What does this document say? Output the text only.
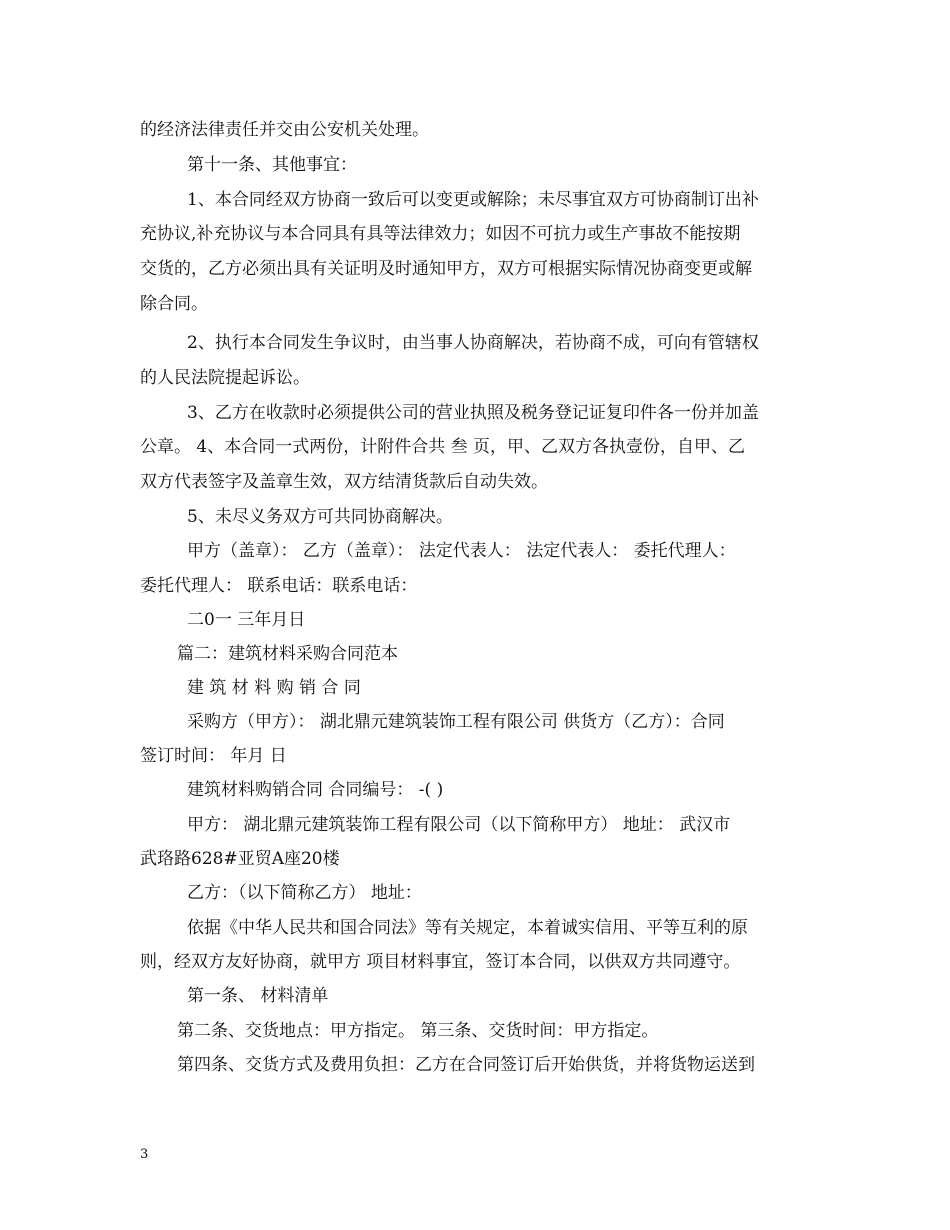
的经济法律责任并交由公安机关处理。
第十一条、其他事宜：
1、本合同经双方协商一致后可以变更或解除；未尽事宜双方可协商制订出补
充协议,补充协议与本合同具有具等法律效力；如因不可抗力或生产事故不能按期
交货的，乙方必须出具有关证明及时通知甲方，双方可根据实际情况协商变更或解
除合同。
2、执行本合同发生争议时，由当事人协商解决，若协商不成，可向有管辖权
的人民法院提起诉讼。
3、乙方在收款时必须提供公司的营业执照及税务登记证复印件各一份并加盖
公章。 4、本合同一式两份，计附件合共 叁 页，甲、乙双方各执壹份，自甲、乙
双方代表签字及盖章生效，双方结清货款后自动失效。
5、未尽义务双方可共同协商解决。
甲方（盖章）： 乙方（盖章）： 法定代表人： 法定代表人： 委托代理人：
委托代理人： 联系电话：联系电话：
二0一 三年月日
篇二：建筑材料采购合同范本
建 筑 材 料 购 销 合 同
采购方（甲方）： 湖北鼎元建筑装饰工程有限公司 供货方（乙方）：合同
签订时间： 年月 日
建筑材料购销合同 合同编号： -( )
甲方： 湖北鼎元建筑装饰工程有限公司（以下简称甲方） 地址： 武汉市
武珞路628#亚贸A座20楼
乙方：（以下简称乙方） 地址：
依据《中华人民共和国合同法》等有关规定，本着诚实信用、平等互利的原
则，经双方友好协商，就甲方 项目材料事宜，签订本合同，以供双方共同遵守。
第一条、 材料清单
第二条、交货地点：甲方指定。 第三条、交货时间：甲方指定。
第四条、交货方式及费用负担：乙方在合同签订后开始供货，并将货物运送到
3
